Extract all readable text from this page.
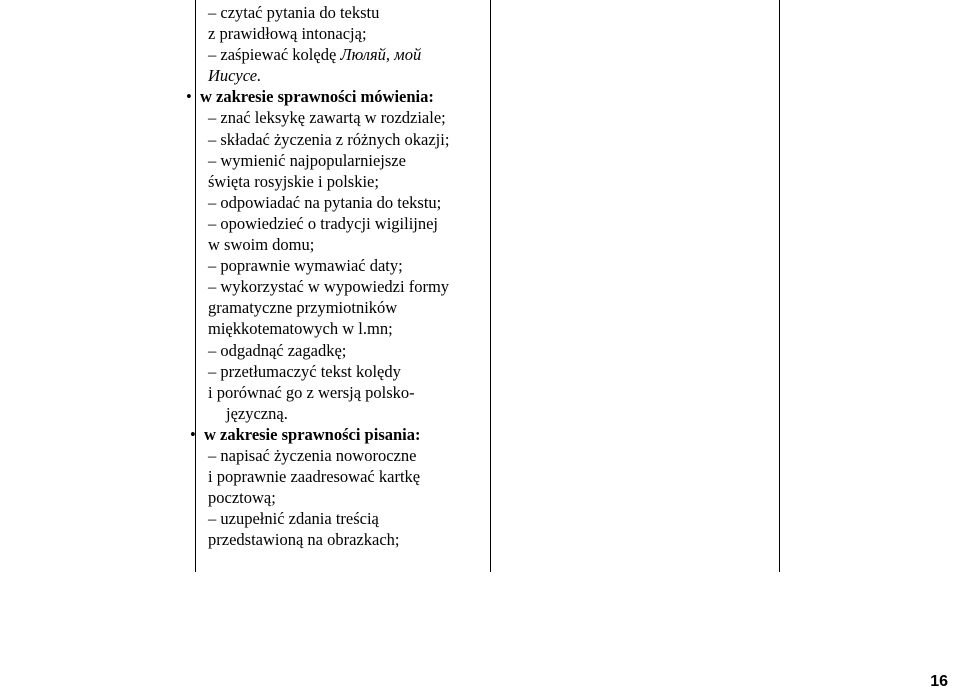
– czytać pytania do tekstu
z prawidłową intonacją;
– zaśpiewać kolędę Люляй, мой
Иисусе.
• w zakresie sprawności mówienia:
– znać leksykę zawartą w rozdziale;
– składać życzenia z różnych okazji;
– wymienić najpopularniejsze
święta rosyjskie i polskie;
– odpowiadać na pytania do tekstu;
– opowiedzieć o tradycji wigilijnej
w swoim domu;
– poprawnie wymawiać daty;
– wykorzystać w wypowiedzi formy
gramatyczne przymiotników
miękkotematowych w l.mn;
– odgadnąć zagadkę;
– przetłumaczyć tekst kolędy
i porównać go z wersją polsko-
języczną.
• w zakresie sprawności pisania:
– napisać życzenia noworoczne
i poprawnie zaadresować kartkę
pocztową;
– uzupełnić zdania treścią
przedstawioną na obrazkach;
16
